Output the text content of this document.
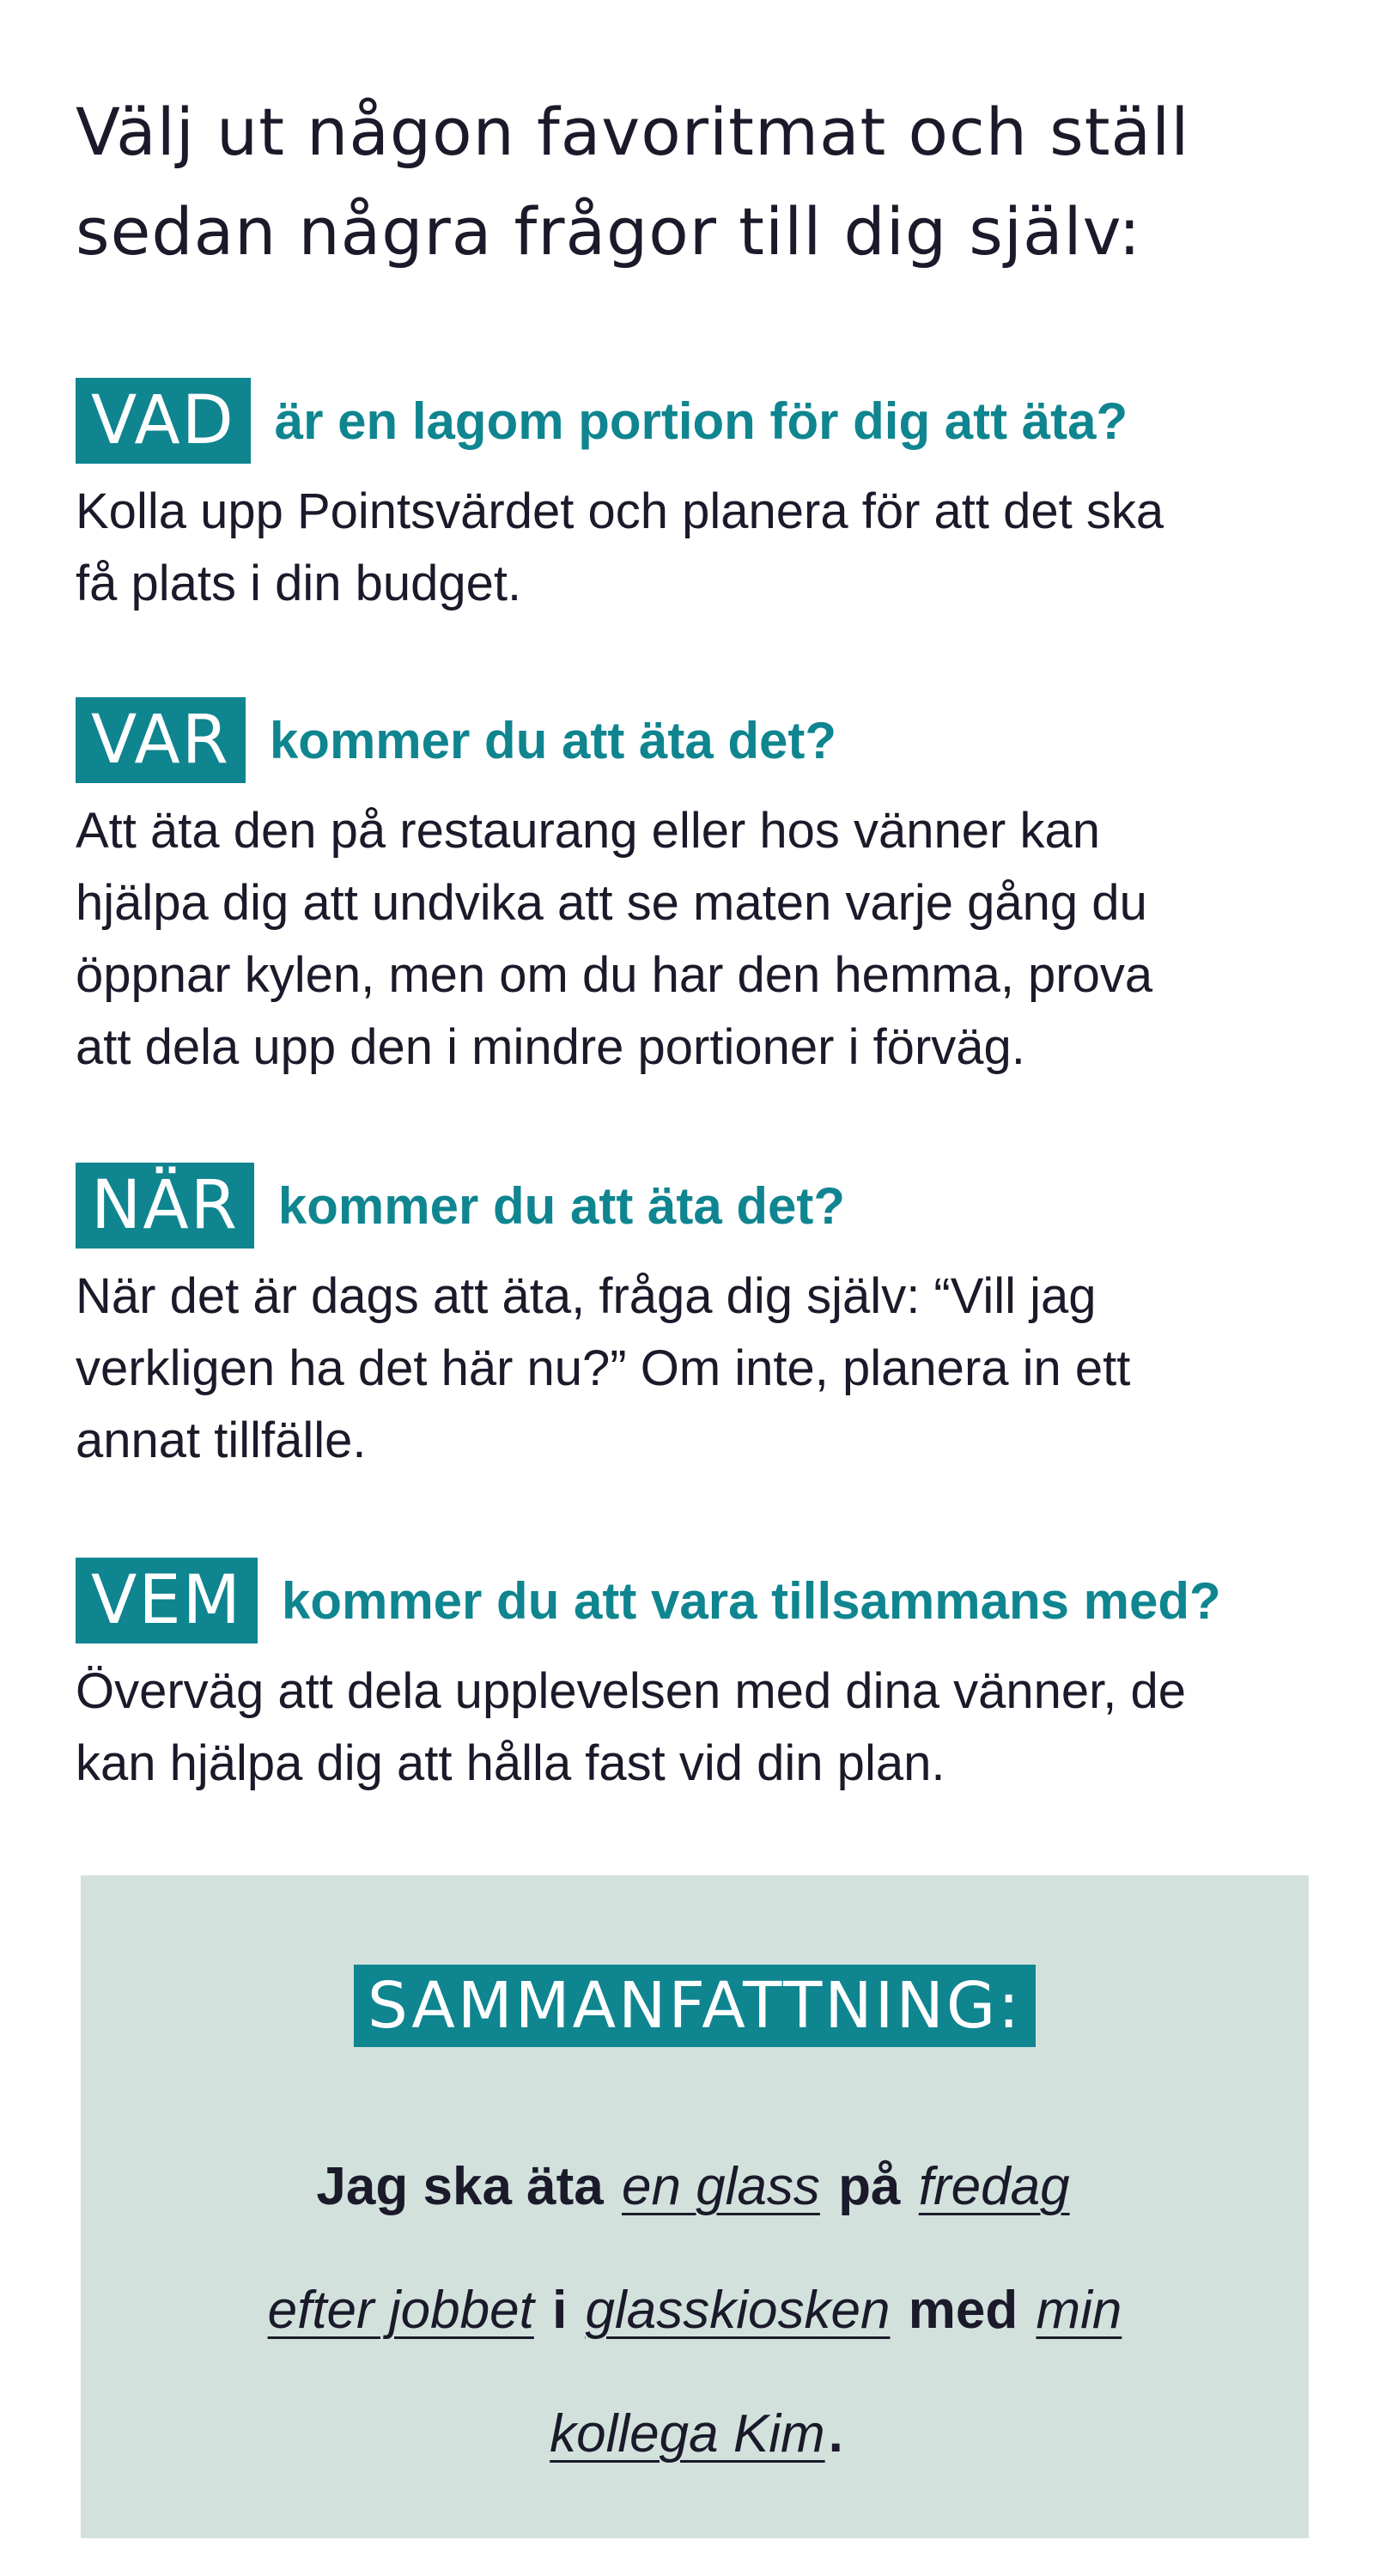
Välj ut någon favoritmat och ställ
sedan några frågor till dig själv:
VAD är en lagom portion för dig att äta?

Kolla upp Pointsvärdet och planera för att det ska
få plats i din budget.

VAR kommer du att äta det?

Att äta den på restaurang eller hos vänner kan
hjälpa dig att undvika att se maten varje gång du
öppnar kylen, men om du har den hemma, prova
att dela upp den i mindre portioner i förväg.

NÄR kommer du att äta det?

När det är dags att äta, fråga dig själv: “Vill jag
verkligen ha det här nu?” Om inte, planera in ett
annat tillfälle.

VEM kommer du att vara tillsammans med?

Överväg att dela upplevelsen med dina vänner, de
kan hjälpa dig att hålla fast vid din plan.

SAMMANFATTNING:
Jag ska äta en glass på fredag
efter jobbet i glasskiosken med min
kollega Kim.
